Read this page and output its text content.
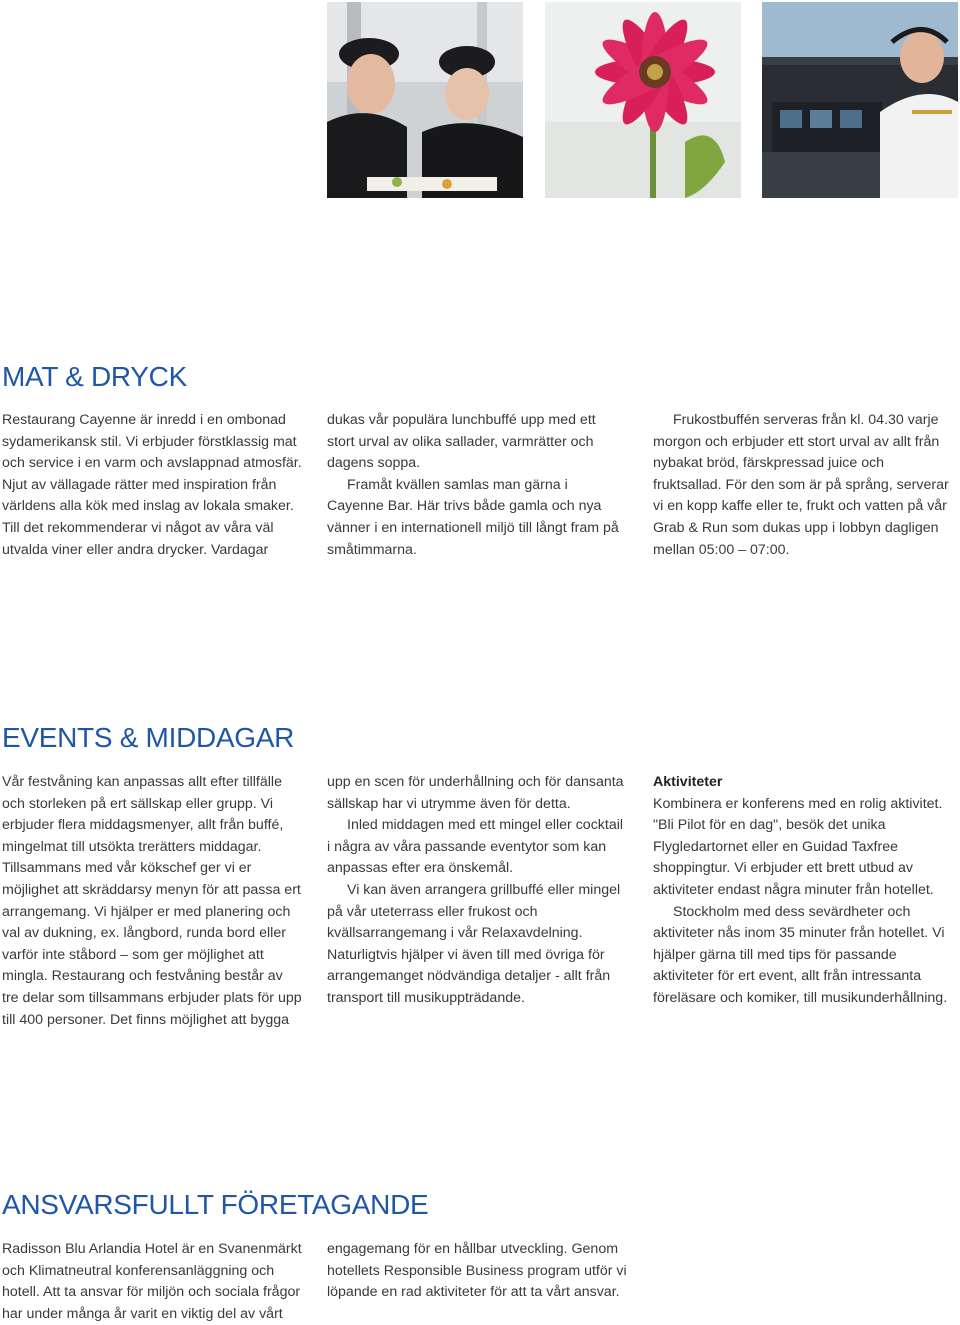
MAT & DRYCK

Restaurang Cayenne är inredd i en ombonad sydamerikansk stil. Vi erbjuder förstklassig mat och service i en varm och avslappnad atmosfär. Njut av vällagade rätter med inspiration från världens alla kök med inslag av lokala smaker. Till det rekommenderar vi något av våra väl utvalda viner eller andra drycker. Vardagar

dukas vår populära lunchbuffé upp med ett stort urval av olika sallader, varmrätter och dagens soppa.

Framåt kvällen samlas man gärna i Cayenne Bar. Här trivs både gamla och nya vänner i en internationell miljö till långt fram på småtimmarna.

Frukostbuffén serveras från kl. 04.30 varje morgon och erbjuder ett stort urval av allt från nybakat bröd, färskpressad juice och fruktsallad. För den som är på språng, serverar vi en kopp kaffe eller te, frukt och vatten på vår Grab & Run som dukas upp i lobbyn dagligen mellan 05:00 – 07:00.

EVENTS & MIDDAGAR

Vår festvåning kan anpassas allt efter tillfälle och storleken på ert sällskap eller grupp. Vi erbjuder flera middagsmenyer, allt från buffé, mingelmat till utsökta trerätters middagar. Tillsammans med vår kökschef ger vi er möjlighet att skräddarsy menyn för att passa ert arrangemang. Vi hjälper er med planering och val av dukning, ex. långbord, runda bord eller varför inte ståbord – som ger möjlighet att mingla. Restaurang och festvåning består av tre delar som tillsammans erbjuder plats för upp till 400 personer. Det finns möjlighet att bygga

upp en scen för underhållning och för dansanta sällskap har vi utrymme även för detta.

Inled middagen med ett mingel eller cocktail i några av våra passande eventytor som kan anpassas efter era önskemål.

Vi kan även arrangera grillbuffé eller mingel på vår uteterrass eller frukost och kvällsarrangemang i vår Relaxavdelning. Naturligtvis hjälper vi även till med övriga för arrangemanget nödvändiga detaljer - allt från transport till musikuppträdande.

Aktiviteter

Kombinera er konferens med en rolig aktivitet. "Bli Pilot för en dag", besök det unika Flygledartornet eller en Guidad Taxfree shoppingtur. Vi erbjuder ett brett utbud av aktiviteter endast några minuter från hotellet.

Stockholm med dess sevärdheter och aktiviteter nås inom 35 minuter från hotellet. Vi hjälper gärna till med tips för passande aktiviteter för ert event, allt från intressanta föreläsare och komiker, till musikunderhållning.

ANSVARSFULLT FÖRETAGANDE

Radisson Blu Arlandia Hotel är en Svanenmärkt och Klimatneutral konferensanläggning och hotell. Att ta ansvar för miljön och sociala frågor har under många år varit en viktig del av vårt

engagemang för en hållbar utveckling. Genom hotellets Responsible Business program utför vi löpande en rad aktiviteter för att ta vårt ansvar.
